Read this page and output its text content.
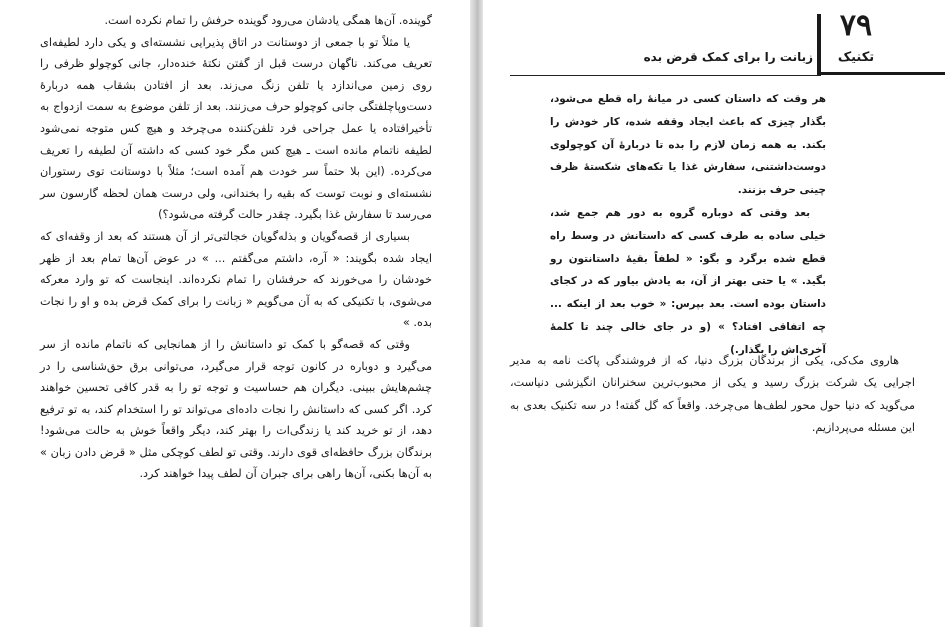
گوینده. آن‌ها همگی یادشان می‌رود گوینده حرفش را تمام نکرده است.

یا مثلاً تو با جمعی از دوستانت در اتاق پذیرایی نشسته‌ای و یکی دارد لطیفه‌ای تعریف می‌کند. ناگهان درست قبل از گفتن نکتهٔ خنده‌دار، جانی کوچولو ظرفی را روی زمین می‌اندازد یا تلفن زنگ می‌زند. بعد از افتادن بشقاب همه دربارهٔ دست‌وپاچلفتگی جانی کوچولو حرف می‌زنند. بعد از تلفن موضوع به سمت ازدواج به تأخیرافتاده یا عمل جراحی فرد تلفن‌کننده می‌چرخد و هیچ کس متوجه نمی‌شود لطیفه ناتمام مانده است ـ هیچ کس مگر خود کسی که داشته آن لطیفه را تعریف می‌کرده. (این بلا حتماً سر خودت هم آمده است؛ مثلاً با دوستانت توی رستوران نشسته‌ای و نوبت توست که بقیه را بخندانی، ولی درست همان لحظه گارسون سر می‌رسد تا سفارش غذا بگیرد. چقدر حالت گرفته می‌شود؟)

بسیاری از قصه‌گویان و بذله‌گویان خجالتی‌تر از آن هستند که بعد از وقفه‌ای که ایجاد شده بگویند: « آره، داشتم می‌گفتم ... » در عوض آن‌ها تمام بعد از ظهر خودشان را می‌خورند که حرفشان را تمام نکرده‌اند. اینجاست که تو وارد معرکه می‌شوی، با تکنیکی که به آن می‌گویم « زبانت را برای کمک قرض بده و او را نجات بده. »

وقتی که قصه‌گو با کمک تو داستانش را از همانجایی که ناتمام مانده از سر می‌گیرد و دوباره در کانون توجه قرار می‌گیرد، می‌توانی برق حق‌شناسی را در چشم‌هایش ببینی. دیگران هم حساسیت و توجه تو را به قدر کافی تحسین خواهند کرد. اگر کسی که داستانش را نجات داده‌ای می‌تواند تو را استخدام کند، به تو ترفیع دهد، از تو خرید کند یا زندگی‌ات را بهتر کند، دیگر واقعاً خوش به حالت می‌شود! برندگان بزرگ حافظه‌ای قوی دارند. وقتی تو لطف کوچکی مثل « قرض دادن زبان » به آن‌ها بکنی، آن‌ها راهی برای جبران آن لطف پیدا خواهند کرد.

۷۹
تکنیک
زبانت را برای کمک قرض بده

هر وقت که داستان کسی در میانهٔ راه قطع می‌شود، بگذار چیزی که باعث ایجاد وقفه شده، کار خودش را بکند. به همه زمان لازم را بده تا دربارهٔ آن کوچولوی دوست‌داشتنی، سفارش غذا یا تکه‌های شکستهٔ ظرف چینی حرف بزنند.

بعد وقتی که دوباره گروه به دور هم جمع شد، خیلی ساده به طرف کسی که داستانش در وسط راه قطع شده برگرد و بگو: « لطفاً بقیهٔ داستانتون رو بگید. » یا حتی بهتر از آن، به یادش بیاور که در کجای داستان بوده است. بعد بپرس: « خوب بعد از اینکه ... چه اتفاقی افتاد؟ » (و در جای خالی چند تا کلمهٔ آخری‌اش را بگذار.)

هاروی مک‌کی، یکی از برندگان بزرگ دنیا، که از فروشندگی پاکت نامه به مدیر اجرایی یک شرکت بزرگ رسید و یکی از محبوب‌ترین سخنرانان انگیزشی دنیاست، می‌گوید که دنیا حول محور لطف‌ها می‌چرخد. واقعاً که گل گفته! در سه تکنیک بعدی به این مسئله می‌پردازیم.
